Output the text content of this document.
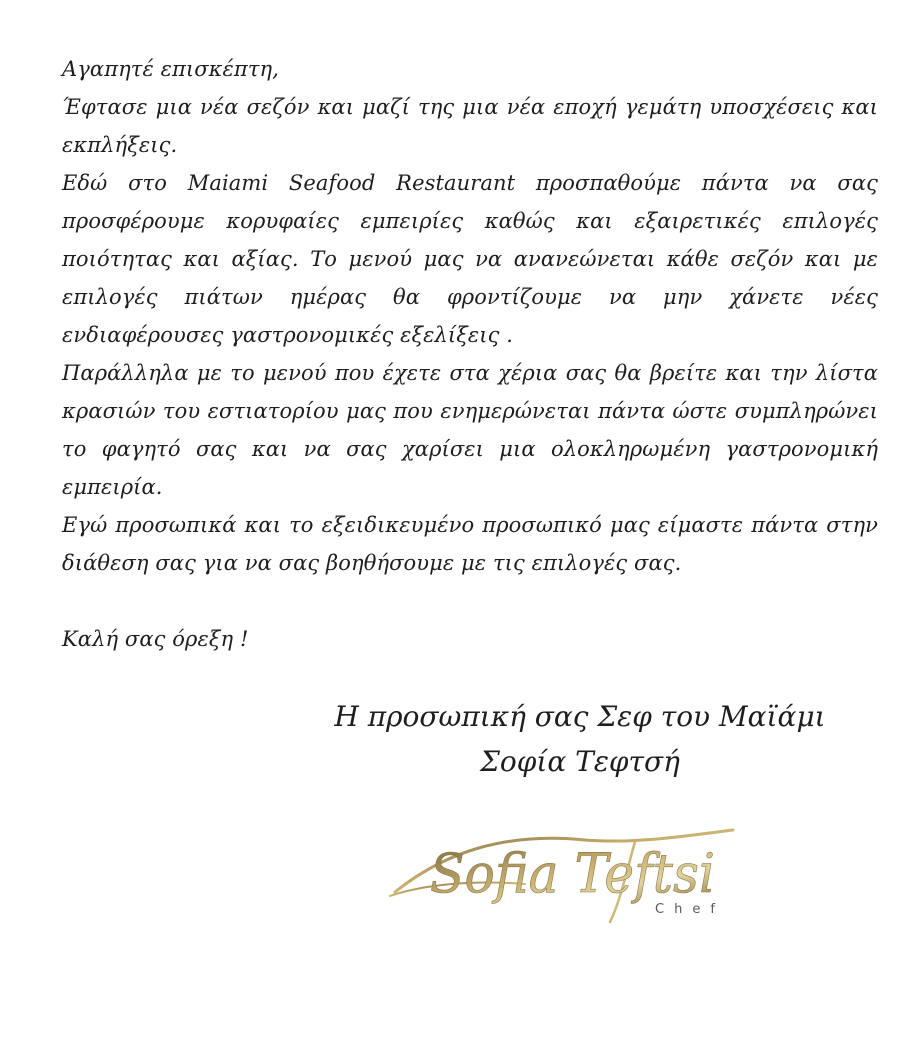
Αγαπητέ επισκέπτη,

Έφτασε μια νέα σεζόν και μαζί της μια νέα εποχή γεμάτη υποσχέσεις και εκπλήξεις.

Εδώ στο Maiami Seafood Restaurant προσπαθούμε πάντα να σας προσφέρουμε κορυφαίες εμπειρίες καθώς και εξαιρετικές επιλογές ποιότητας και αξίας. Το μενού μας να ανανεώνεται κάθε σεζόν και με επιλογές πιάτων ημέρας θα φροντίζουμε να μην χάνετε νέες ενδιαφέρουσες γαστρονομικές εξελίξεις .

Παράλληλα με το μενού που έχετε στα χέρια σας θα βρείτε και την λίστα κρασιών του εστιατορίου μας που ενημερώνεται πάντα ώστε συμπληρώνει το φαγητό σας και να σας χαρίσει μια ολοκληρωμένη γαστρονομική εμπειρία.

Εγώ προσωπικά και το εξειδικευμένο προσωπικό μας είμαστε πάντα στην διάθεση σας για να σας βοηθήσουμε με τις επιλογές σας.

Καλή σας όρεξη !

Η προσωπική σας Σεφ του Μαϊάμι
Σοφία Τεφτσή
Sofia Teftsi
Chef
